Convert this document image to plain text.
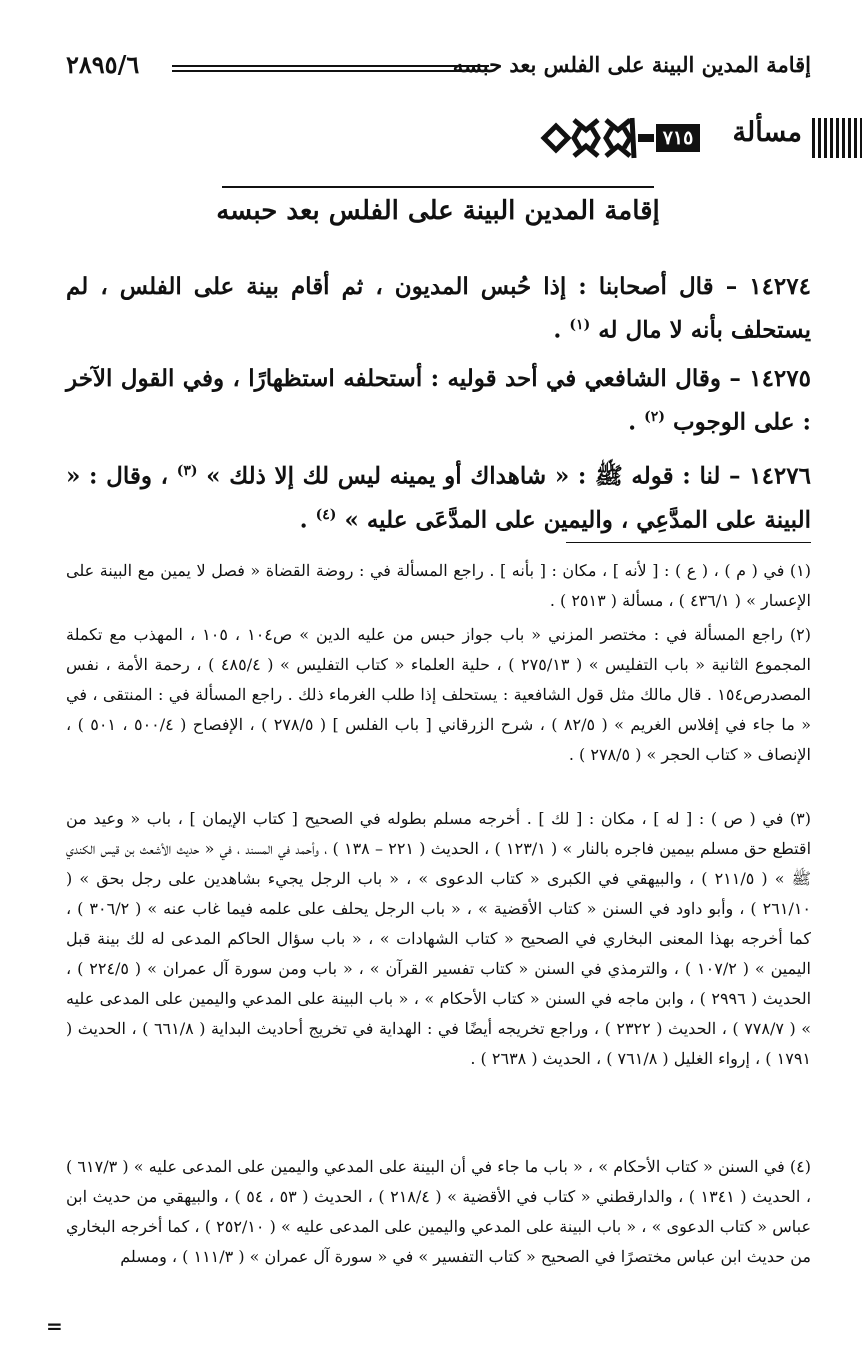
إقامة المدين البينة على الفلس بعد حبسه
٢٨٩٥/٦
مسألة
٧١٥
إقامة المدين البينة على الفلس بعد حبسه
١٤٢٧٤ – قال أصحابنا : إذا حُبس المديون ، ثم أقام بينة على الفلس ، لم يستحلف بأنه لا مال له $^{(١)}$ .
١٤٢٧٥ – وقال الشافعي في أحد قوليه : أستحلفه استظهارًا ، وفي القول الآخر : على الوجوب $^{(٢)}$ .
١٤٢٧٦ – لنا : قوله ﷺ : « شاهداك أو يمينه ليس لك إلا ذلك » $^{(٣)}$ ، وقال : « البينة على المدَّعِي ، واليمين على المدَّعَى عليه » $^{(٤)}$ .
(١) في ( م ) ، ( ع ) : [ لأنه ] ، مكان : [ بأنه ] . راجع المسألة في : روضة القضاة « فصل لا يمين مع البينة على الإعسار » ( ٤٣٦/١ ) ، مسألة ( ٢٥١٣ ) .
(٢) راجع المسألة في : مختصر المزني « باب جواز حبس من عليه الدين » ص١٠٤ ، ١٠٥ ، المهذب مع تكملة المجموع الثانية « باب التفليس » ( ٢٧٥/١٣ ) ، حلية العلماء « كتاب التفليس » ( ٤٨٥/٤ ) ، رحمة الأمة ، نفس المصدرص١٥٤ . قال مالك مثل قول الشافعية : يستحلف إذا طلب الغرماء ذلك . راجع المسألة في : المنتقى ، في « ما جاء في إفلاس الغريم » ( ٨٢/٥ ) ، شرح الزرقاني [ باب الفلس ] ( ٢٧٨/٥ ) ، الإفصاح ( ٥٠٠/٤ ، ٥٠١ ) ، الإنصاف « كتاب الحجر » ( ٢٧٨/٥ ) .
(٣) في ( ص ) : [ له ] ، مكان : [ لك ] . أخرجه مسلم بطوله في الصحيح [ كتاب الإيمان ] ، باب « وعيد من اقتطع حق مسلم بيمين فاجره بالنار » ( ١٢٣/١ ) ، الحديث ( ٢٢١ – ١٣٨ ) ، وأحمد في المسند ، في « حديث الأشعث بن قيس الكندي ﷺ » ( ٢١١/٥ ) ، والبيهقي في الكبرى « كتاب الدعوى » ، « باب الرجل يجيء بشاهدين على رجل بحق » ( ٢٦١/١٠ ) ، وأبو داود في السنن « كتاب الأقضية » ، « باب الرجل يحلف على علمه فيما غاب عنه » ( ٣٠٦/٢ ) ، كما أخرجه بهذا المعنى البخاري في الصحيح « كتاب الشهادات » ، « باب سؤال الحاكم المدعى له لك بينة قبل اليمين » ( ١٠٧/٢ ) ، والترمذي في السنن « كتاب تفسير القرآن » ، « باب ومن سورة آل عمران » ( ٢٢٤/٥ ) ، الحديث ( ٢٩٩٦ ) ، وابن ماجه في السنن « كتاب الأحكام » ، « باب البينة على المدعي واليمين على المدعى عليه » ( ٧٧٨/٧ ) ، الحديث ( ٢٣٢٢ ) ، وراجع تخريجه أيضًا في : الهداية في تخريج أحاديث البداية ( ٦٦١/٨ ) ، الحديث ( ١٧٩١ ) ، إرواء الغليل ( ٧٦١/٨ ) ، الحديث ( ٢٦٣٨ ) .
(٤) في السنن « كتاب الأحكام » ، « باب ما جاء في أن البينة على المدعي واليمين على المدعى عليه » ( ٦١٧/٣ ) ، الحديث ( ١٣٤١ ) ، والدارقطني « كتاب في الأقضية » ( ٢١٨/٤ ) ، الحديث ( ٥٣ ، ٥٤ ) ، والبيهقي من حديث ابن عباس « كتاب الدعوى » ، « باب البينة على المدعي واليمين على المدعى عليه » ( ٢٥٢/١٠ ) ، كما أخرجه البخاري من حديث ابن عباس مختصرًا في الصحيح « كتاب التفسير » في « سورة آل عمران » ( ١١١/٣ ) ، ومسلم
=
